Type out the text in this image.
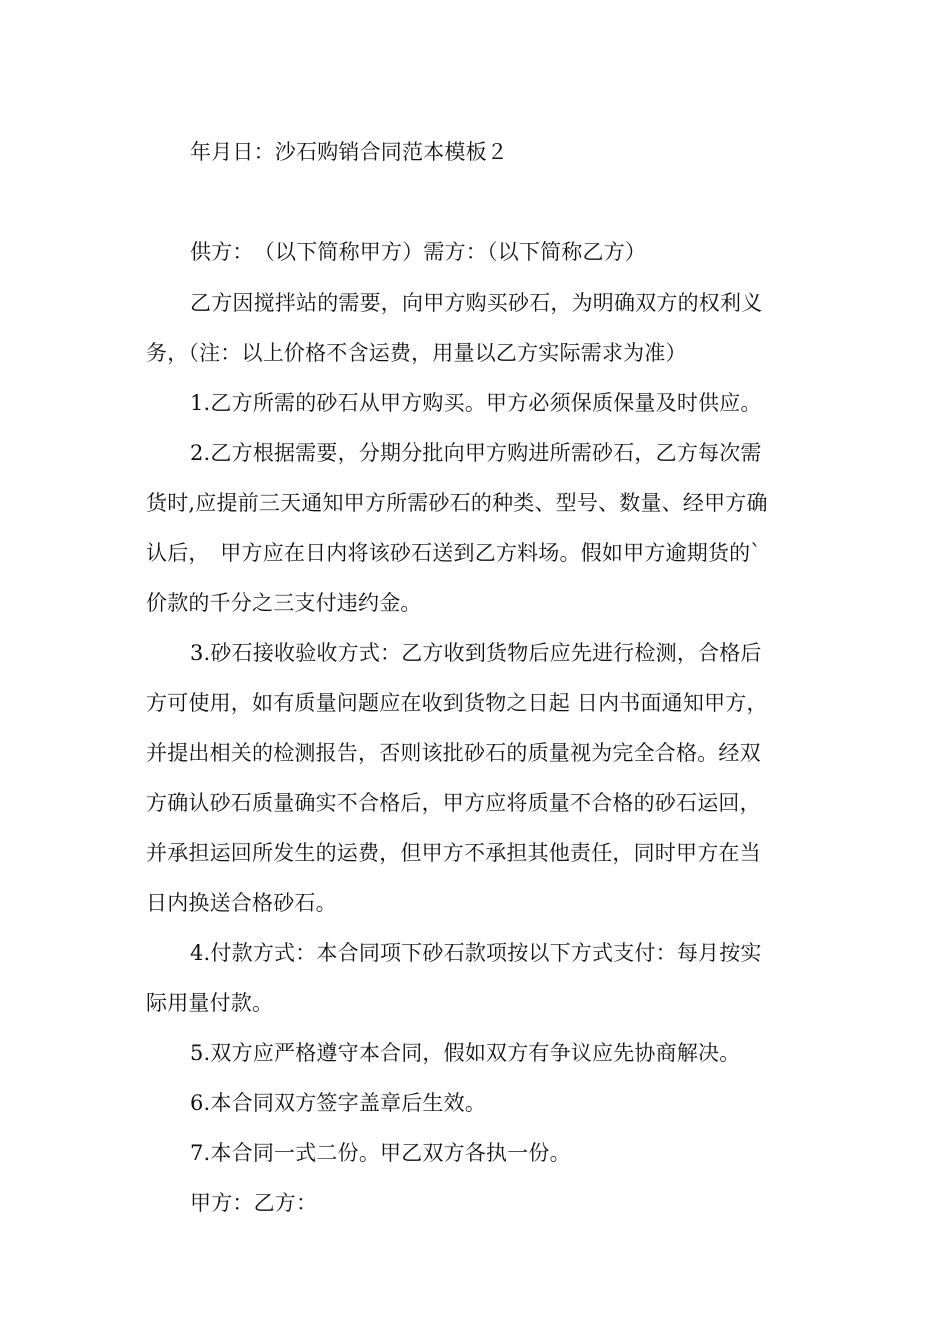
年月日：沙石购销合同范本模板２
供方：　（以下简称甲方）需方：（以下简称乙方）
乙方因搅拌站的需要，向甲方购买砂石，为明确双方的权利义
务，（注：以上价格不含运费，用量以乙方实际需求为准）
1.乙方所需的砂石从甲方购买。甲方必须保质保量及时供应。
2.乙方根据需要，分期分批向甲方购进所需砂石，乙方每次需
货时,应提前三天通知甲方所需砂石的种类、型号、数量、经甲方确
认后，　甲方应在日内将该砂石送到乙方料场。假如甲方逾期货的`
价款的千分之三支付违约金。
3.砂石接收验收方式：乙方收到货物后应先进行检测，合格后
方可使用，如有质量问题应在收到货物之日起 日内书面通知甲方，
并提出相关的检测报告，否则该批砂石的质量视为完全合格。经双
方确认砂石质量确实不合格后，甲方应将质量不合格的砂石运回，
并承担运回所发生的运费，但甲方不承担其他责任，同时甲方在当
日内换送合格砂石。
4.付款方式：本合同项下砂石款项按以下方式支付：每月按实
际用量付款。
5.双方应严格遵守本合同，假如双方有争议应先协商解决。
6.本合同双方签字盖章后生效。
7.本合同一式二份。甲乙双方各执一份。
甲方：乙方：
